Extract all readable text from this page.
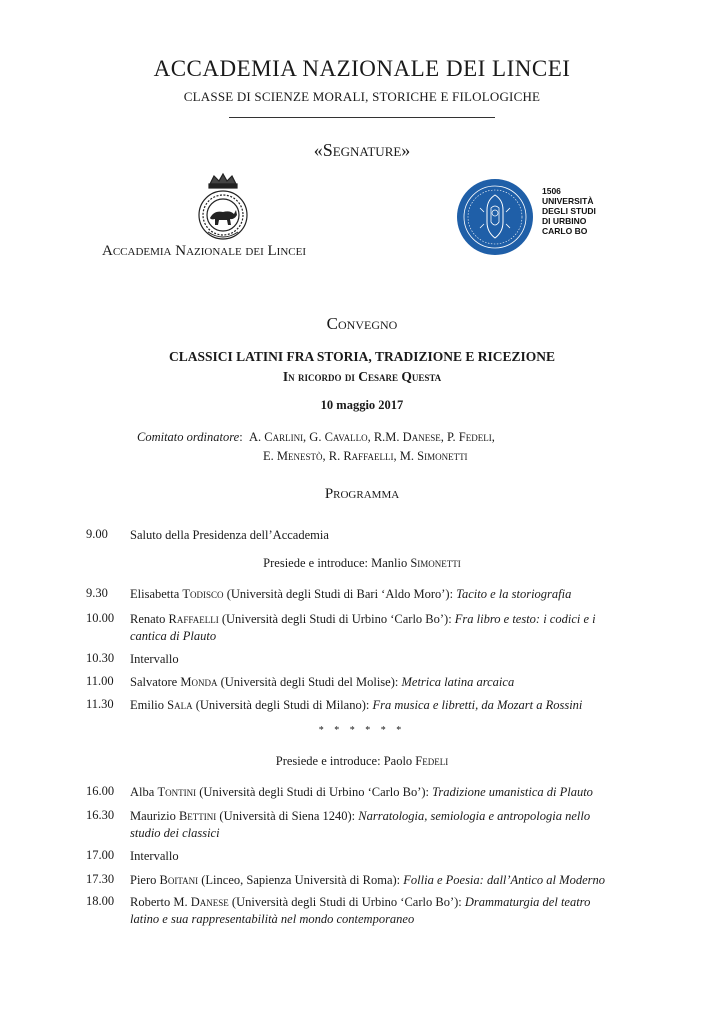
ACCADEMIA NAZIONALE DEI LINCEI
CLASSE DI SCIENZE MORALI, STORICHE E FILOLOGICHE
«Segnature»
Accademia Nazionale dei Lincei
1506
UNIVERSITÀ
DEGLI STUDI
DI URBINO
CARLO BO
Convegno
CLASSICI LATINI FRA STORIA, TRADIZIONE E RICEZIONE
In ricordo di Cesare Questa
10 maggio 2017
Comitato ordinatore:  A. Carlini, G. Cavallo, R.M. Danese, P. Fedeli,
E. Menestò, R. Raffaelli, M. Simonetti
Programma
9.00 Saluto della Presidenza dell’Accademia
Presiede e introduce: Manlio Simonetti
9.30 Elisabetta Todisco (Università degli Studi di Bari ‘Aldo Moro’): Tacito e la storiografia
10.00 Renato Raffaelli (Università degli Studi di Urbino ‘Carlo Bo’): Fra libro e testo: i codici e i cantica di Plauto
10.30 Intervallo
11.00 Salvatore Monda (Università degli Studi del Molise): Metrica latina arcaica
11.30 Emilio Sala (Università degli Studi di Milano): Fra musica e libretti, da Mozart a Rossini
* * * * * *
Presiede e introduce: Paolo Fedeli
16.00 Alba Tontini (Università degli Studi di Urbino ‘Carlo Bo’): Tradizione umanistica di Plauto
16.30 Maurizio Bettini (Università di Siena 1240): Narratologia, semiologia e antropologia nello studio dei classici
17.00 Intervallo
17.30 Piero Boitani (Linceo, Sapienza Università di Roma): Follia e Poesia: dall’Antico al Moderno
18.00 Roberto M. Danese (Università degli Studi di Urbino ‘Carlo Bo’): Drammaturgia del teatro latino e sua rappresentabilità nel mondo contemporaneo
